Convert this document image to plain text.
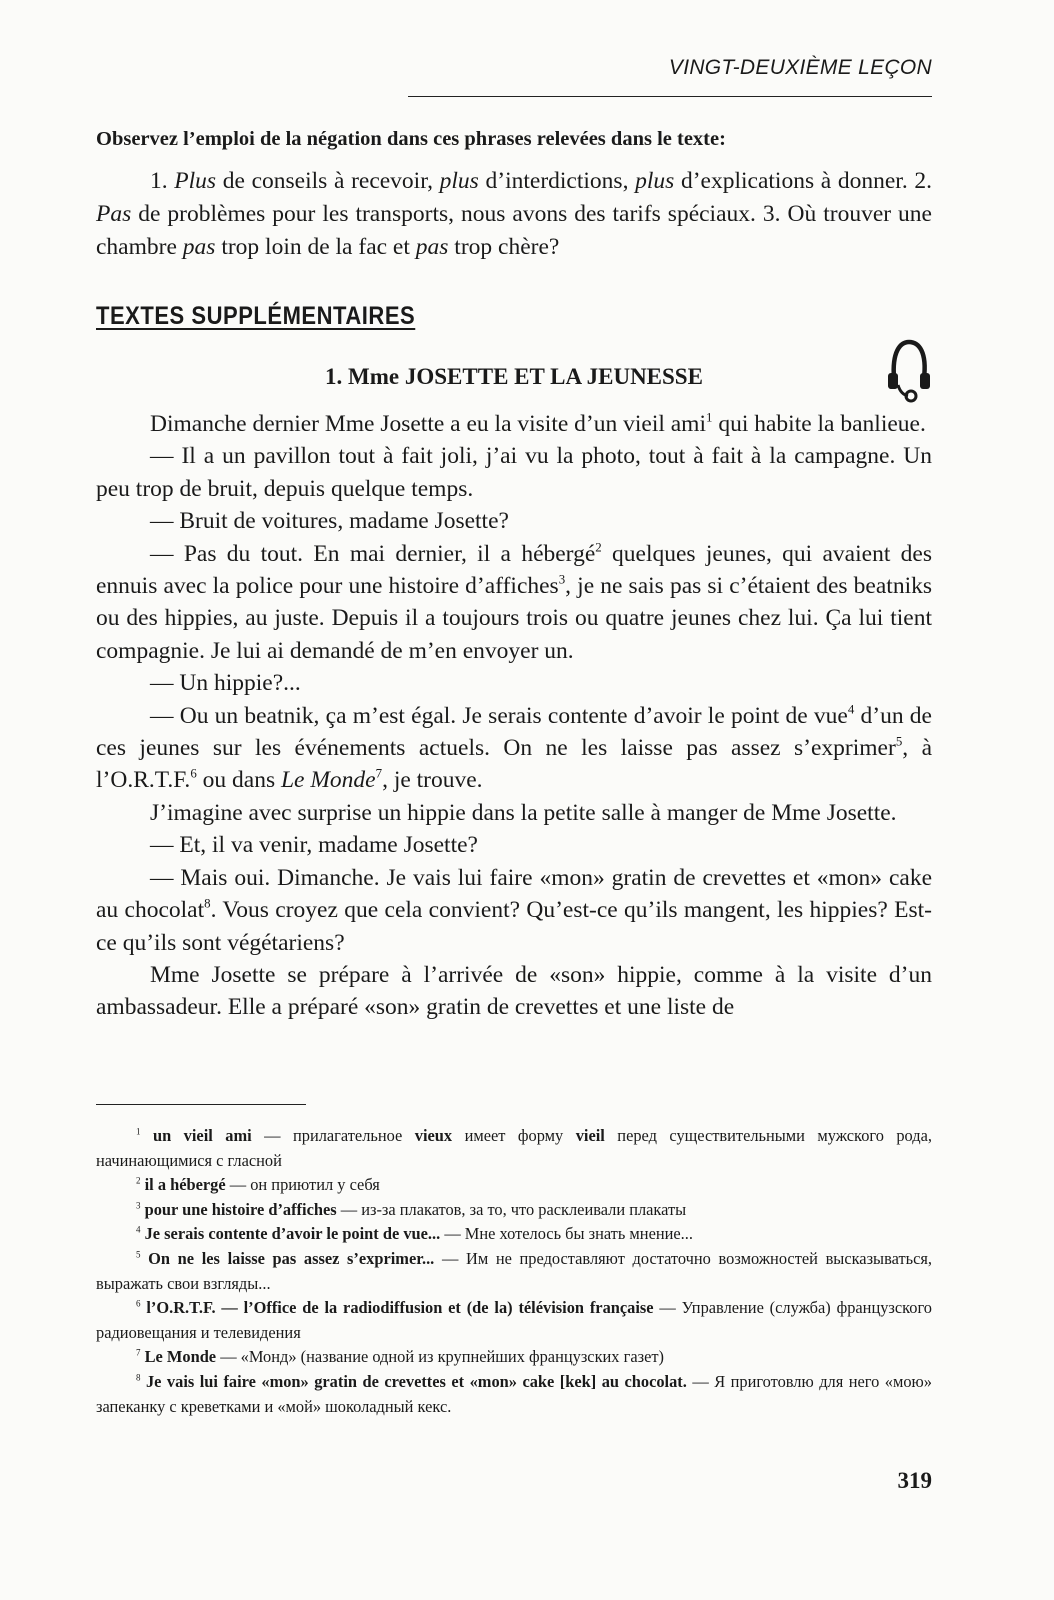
VINGT-DEUXIÈME LEÇON
Observez l’emploi de la négation dans ces phrases relevées dans le texte:
1. Plus de conseils à recevoir, plus d’interdictions, plus d’explications à donner. 2. Pas de problèmes pour les transports, nous avons des tarifs spéciaux. 3. Où trouver une chambre pas trop loin de la fac et pas trop chère?
TEXTES SUPPLÉMENTAIRES
1. Mme JOSETTE ET LA JEUNESSE

Dimanche dernier Mme Josette a eu la visite d’un vieil ami$^1$ qui habite la banlieue.

— Il a un pavillon tout à fait joli, j’ai vu la photo, tout à fait à la campagne. Un peu trop de bruit, depuis quelque temps.

— Bruit de voitures, madame Josette?

— Pas du tout. En mai dernier, il a hébergé$^2$ quelques jeunes, qui avaient des ennuis avec la police pour une histoire d’affiches$^3$, je ne sais pas si c’étaient des beatniks ou des hippies, au juste. Depuis il a toujours trois ou quatre jeunes chez lui. Ça lui tient compagnie. Je lui ai demandé de m’en envoyer un.

— Un hippie?...

— Ou un beatnik, ça m’est égal. Je serais contente d’avoir le point de vue$^4$ d’un de ces jeunes sur les événements actuels. On ne les laisse pas assez s’exprimer$^5$, à l’O.R.T.F.$^6$ ou dans Le Monde$^7$, je trouve.

J’imagine avec surprise un hippie dans la petite salle à manger de Mme Josette.

— Et, il va venir, madame Josette?

— Mais oui. Dimanche. Je vais lui faire «mon» gratin de crevettes et «mon» cake au chocolat$^8$. Vous croyez que cela convient? Qu’est-ce qu’ils mangent, les hippies? Est-ce qu’ils sont végétariens?

Mme Josette se prépare à l’arrivée de «son» hippie, comme à la visite d’un ambassadeur. Elle a préparé «son» gratin de crevettes et une liste de

$^1$ un vieil ami — прилагательное vieux имеет форму vieil перед существительными мужского рода, начинающимися с гласной

$^2$ il a hébergé — он приютил у себя

$^3$ pour une histoire d’affiches — из-за плакатов, за то, что расклеивали плакаты

$^4$ Je serais contente d’avoir le point de vue... — Мне хотелось бы знать мнение...

$^5$ On ne les laisse pas assez s’exprimer... — Им не предоставляют достаточно возможностей высказываться, выражать свои взгляды...

$^6$ l’O.R.T.F. — l’Office de la radiodiffusion et (de la) télévision française — Управление (служба) французского радиовещания и телевидения

$^7$ Le Monde — «Монд» (название одной из крупнейших французских газет)

$^8$ Je vais lui faire «mon» gratin de crevettes et «mon» cake [kek] au chocolat. — Я приготовлю для него «мою» запеканку с креветками и «мой» шоколадный кекс.

319
